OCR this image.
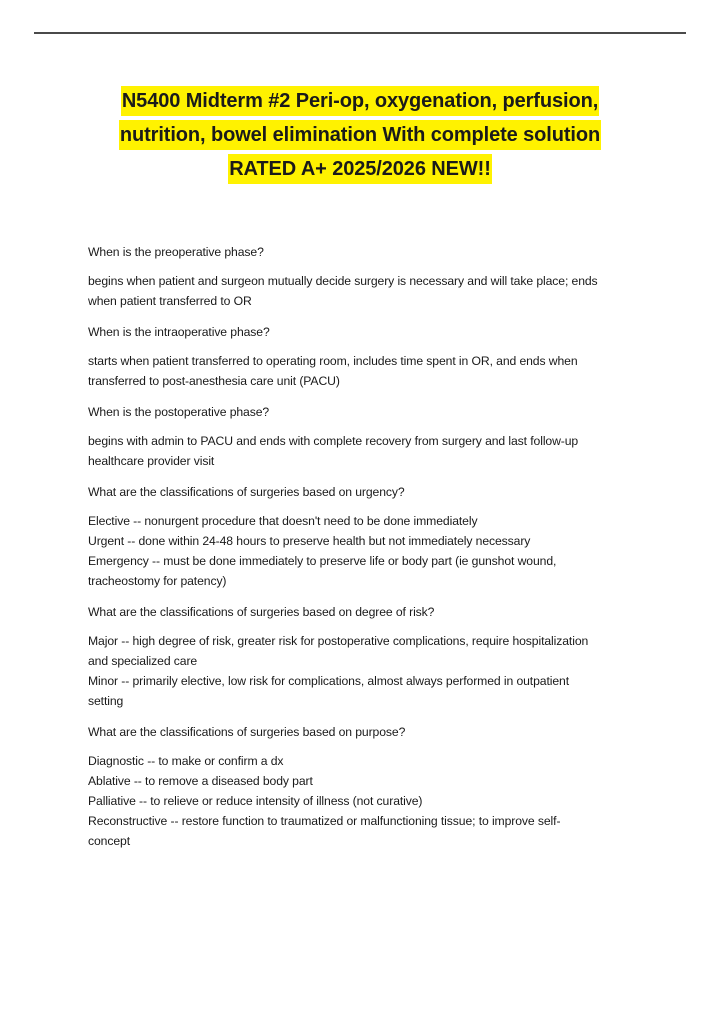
N5400 Midterm #2 Peri-op, oxygenation, perfusion,
nutrition, bowel elimination With complete solution
RATED A+ 2025/2026 NEW!!
When is the preoperative phase?
begins when patient and surgeon mutually decide surgery is necessary and will take place; ends
when patient transferred to OR
When is the intraoperative phase?
starts when patient transferred to operating room, includes time spent in OR, and ends when
transferred to post-anesthesia care unit (PACU)
When is the postoperative phase?
begins with admin to PACU and ends with complete recovery from surgery and last follow-up
healthcare provider visit
What are the classifications of surgeries based on urgency?
Elective -- nonurgent procedure that doesn't need to be done immediately
Urgent -- done within 24-48 hours to preserve health but not immediately necessary
Emergency -- must be done immediately to preserve life or body part (ie gunshot wound,
tracheostomy for patency)
What are the classifications of surgeries based on degree of risk?
Major -- high degree of risk, greater risk for postoperative complications, require hospitalization
and specialized care
Minor -- primarily elective, low risk for complications, almost always performed in outpatient
setting
What are the classifications of surgeries based on purpose?
Diagnostic -- to make or confirm a dx
Ablative -- to remove a diseased body part
Palliative -- to relieve or reduce intensity of illness (not curative)
Reconstructive -- restore function to traumatized or malfunctioning tissue; to improve self-
concept
